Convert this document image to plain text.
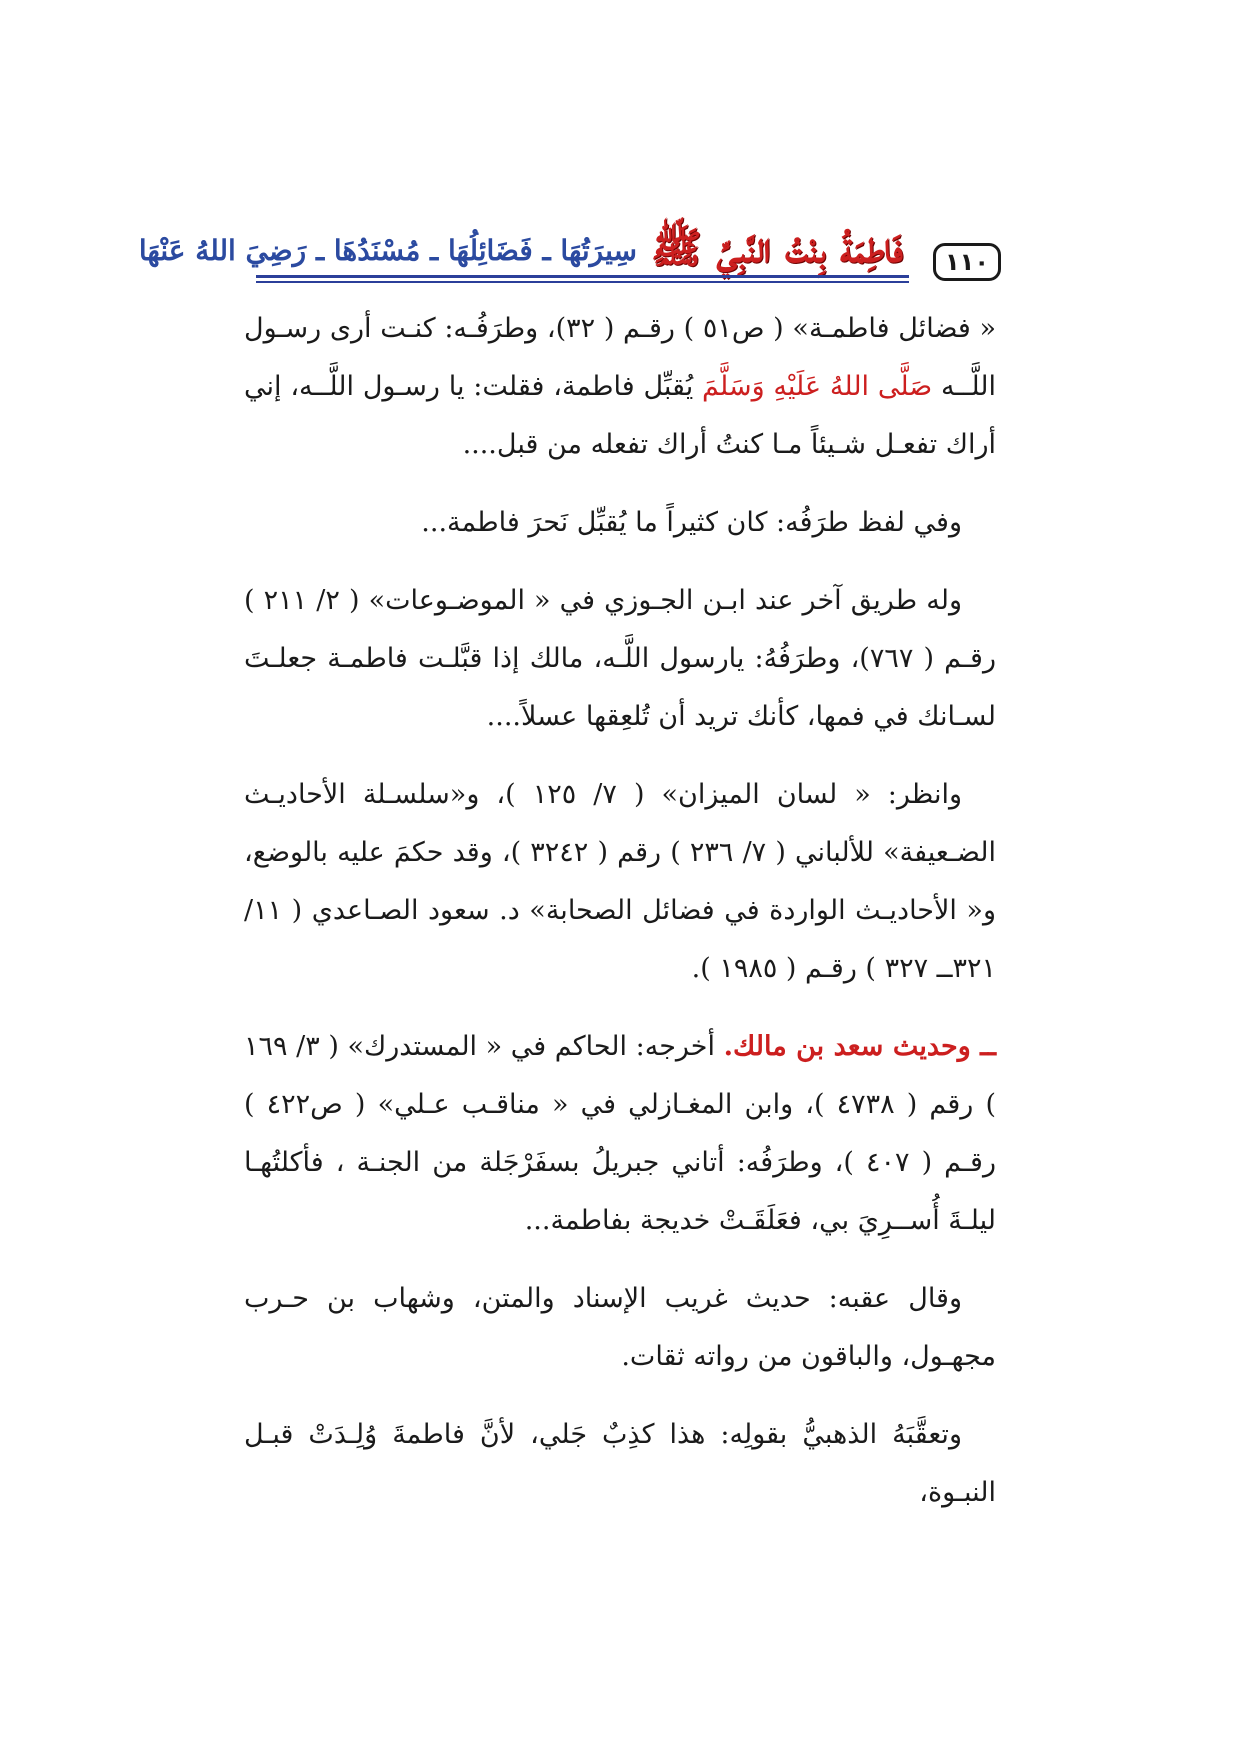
١١٠
فَاطِمَةُ بِنْتُ النَّبِيِّ ﷺ
سِيرَتُهَا ـ فَضَائِلُهَا ـ مُسْنَدُهَا ـ رَضِيَ اللهُ عَنْهَا

« فضائل فاطمـة» ( ص٥١ ) رقـم ( ٣٢)، وطرَفُـه: كنـت أرى رسـول اللَّــه صَلَّى اللهُ عَلَيْهِ وَسَلَّمَ يُقبِّل فاطمة، فقلت: يا رسـول اللَّــه، إني أراك تفعـل شـيئاً مـا كنتُ أراك تفعله من قبل....

وفي لفظ طرَفُه: كان كثيراً ما يُقبِّل نَحرَ فاطمة...

وله طريق آخر عند ابـن الجـوزي في « الموضـوعات» ( ٢/ ٢١١ ) رقـم ( ٧٦٧)، وطرَفُهُ: يارسول اللَّـه، مالك إذا قبَّلـت فاطمـة جعلـتَ لسـانك في فمها، كأنك تريد أن تُلعِقها عسلاً....

وانظر: « لسان الميزان» ( ٧/ ١٢٥ )، و«سلسـلة الأحاديـث الضـعيفة» للألباني ( ٧/ ٢٣٦ ) رقم ( ٣٢٤٢ )، وقد حكمَ عليه بالوضع، و« الأحاديـث الواردة في فضائل الصحابة» د. سعود الصـاعدي ( ١١/ ٣٢١ــ ٣٢٧ ) رقـم ( ١٩٨٥ ).

ــ وحديث سعد بن مالك. أخرجه: الحاكم في « المستدرك» ( ٣/ ١٦٩ ) رقم ( ٤٧٣٨ )، وابن المغـازلي في « مناقـب عـلي» ( ص٤٢٢ ) رقـم ( ٤٠٧ )، وطرَفُه: أتاني جبريلُ بسفَرْجَلة من الجنـة ، فأكلتُهـا ليلـةَ أُســرِيَ بي، فعَلَقَـتْ خديجة بفاطمة...

وقال عقبه: حديث غريب الإسناد والمتن، وشهاب بن حـرب مجهـول، والباقون من رواته ثقات.

وتعقَّبَهُ الذهبيُّ بقولِه: هذا كذِبٌ جَلي، لأنَّ فاطمةَ وُلِـدَتْ قبـل النبـوة،
